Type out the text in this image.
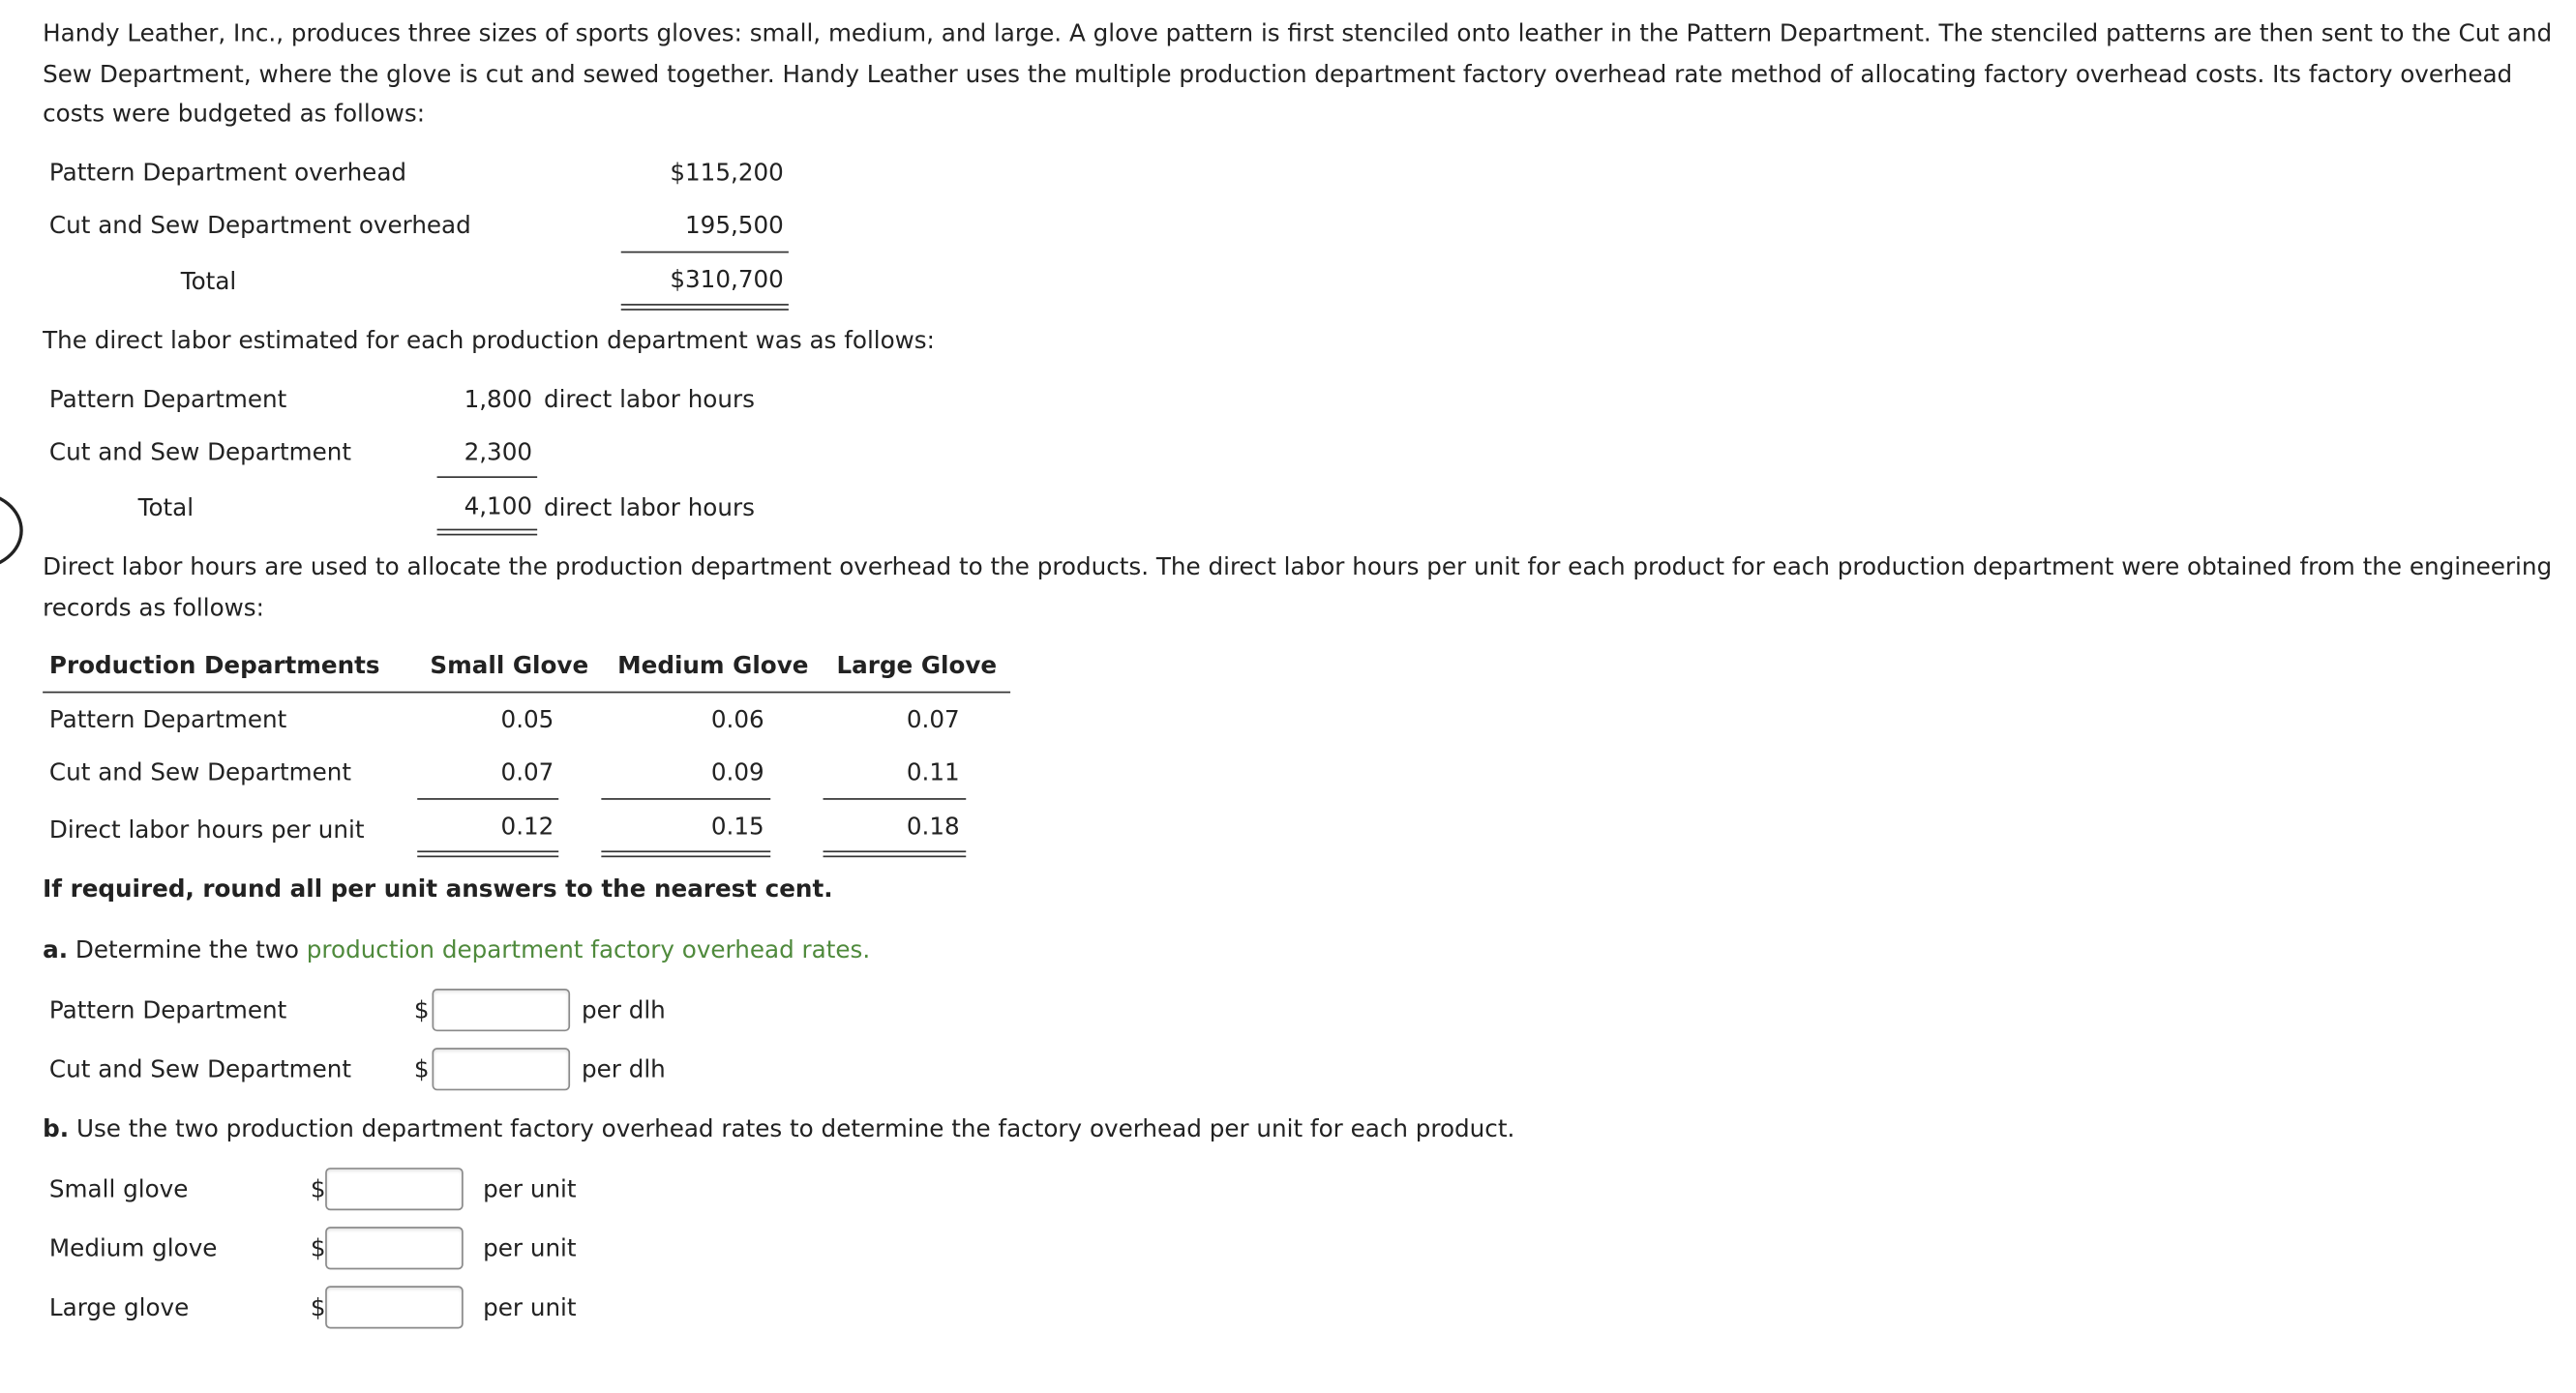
Handy Leather, Inc., produces three sizes of sports gloves: small, medium, and large. A glove pattern is first stenciled onto leather in the Pattern Department. The stenciled patterns are then sent to the Cut and Sew Department, where the glove is cut and sewed together. Handy Leather uses the multiple production department factory overhead rate method of allocating factory overhead costs. Its factory overhead costs were budgeted as follows:
Pattern Department overhead	$115,200
Cut and Sew Department overhead	195,500
Total	$310,700
The direct labor estimated for each production department was as follows:
Pattern Department	1,800 direct labor hours
Cut and Sew Department	2,300
Total	4,100 direct labor hours
Direct labor hours are used to allocate the production department overhead to the products. The direct labor hours per unit for each product for each production department were obtained from the engineering records as follows:
Production Departments	Small Glove	Medium Glove	Large Glove
Pattern Department	0.05	0.06	0.07
Cut and Sew Department	0.07	0.09	0.11
Direct labor hours per unit	0.12	0.15	0.18
If required, round all per unit answers to the nearest cent.
a. Determine the two production department factory overhead rates.
Pattern Department	$	per dlh
Cut and Sew Department	$	per dlh
b. Use the two production department factory overhead rates to determine the factory overhead per unit for each product.
Small glove	$	per unit
Medium glove	$	per unit
Large glove	$	per unit
